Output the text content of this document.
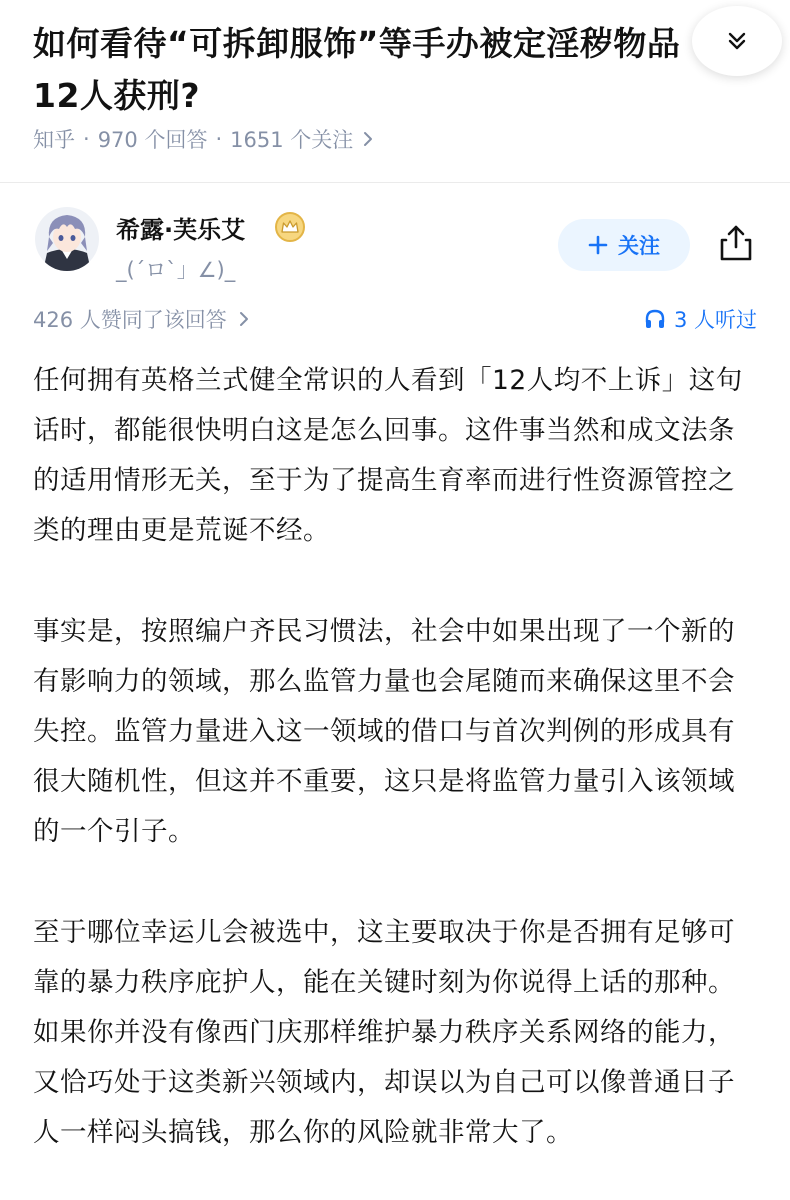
如何看待“可拆卸服饰”等手办被定淫秽物品
12人获刑?
知乎 · 970 个回答 · 1651 个关注
希露·芙乐艾
_(´ロ`」∠)_
关注
426 人赞同了该回答	3 人听过

任何拥有英格兰式健全常识的人看到「12人均不上诉」这句话时，都能很快明白这是怎么回事。这件事当然和成文法条的适用情形无关，至于为了提高生育率而进行性资源管控之类的理由更是荒诞不经。

事实是，按照编户齐民习惯法，社会中如果出现了一个新的有影响力的领域，那么监管力量也会尾随而来确保这里不会失控。监管力量进入这一领域的借口与首次判例的形成具有很大随机性，但这并不重要，这只是将监管力量引入该领域的一个引子。

至于哪位幸运儿会被选中，这主要取决于你是否拥有足够可靠的暴力秩序庇护人，能在关键时刻为你说得上话的那种。如果你并没有像西门庆那样维护暴力秩序关系网络的能力，又恰巧处于这类新兴领域内，却误以为自己可以像普通日子人一样闷头搞钱，那么你的风险就非常大了。
